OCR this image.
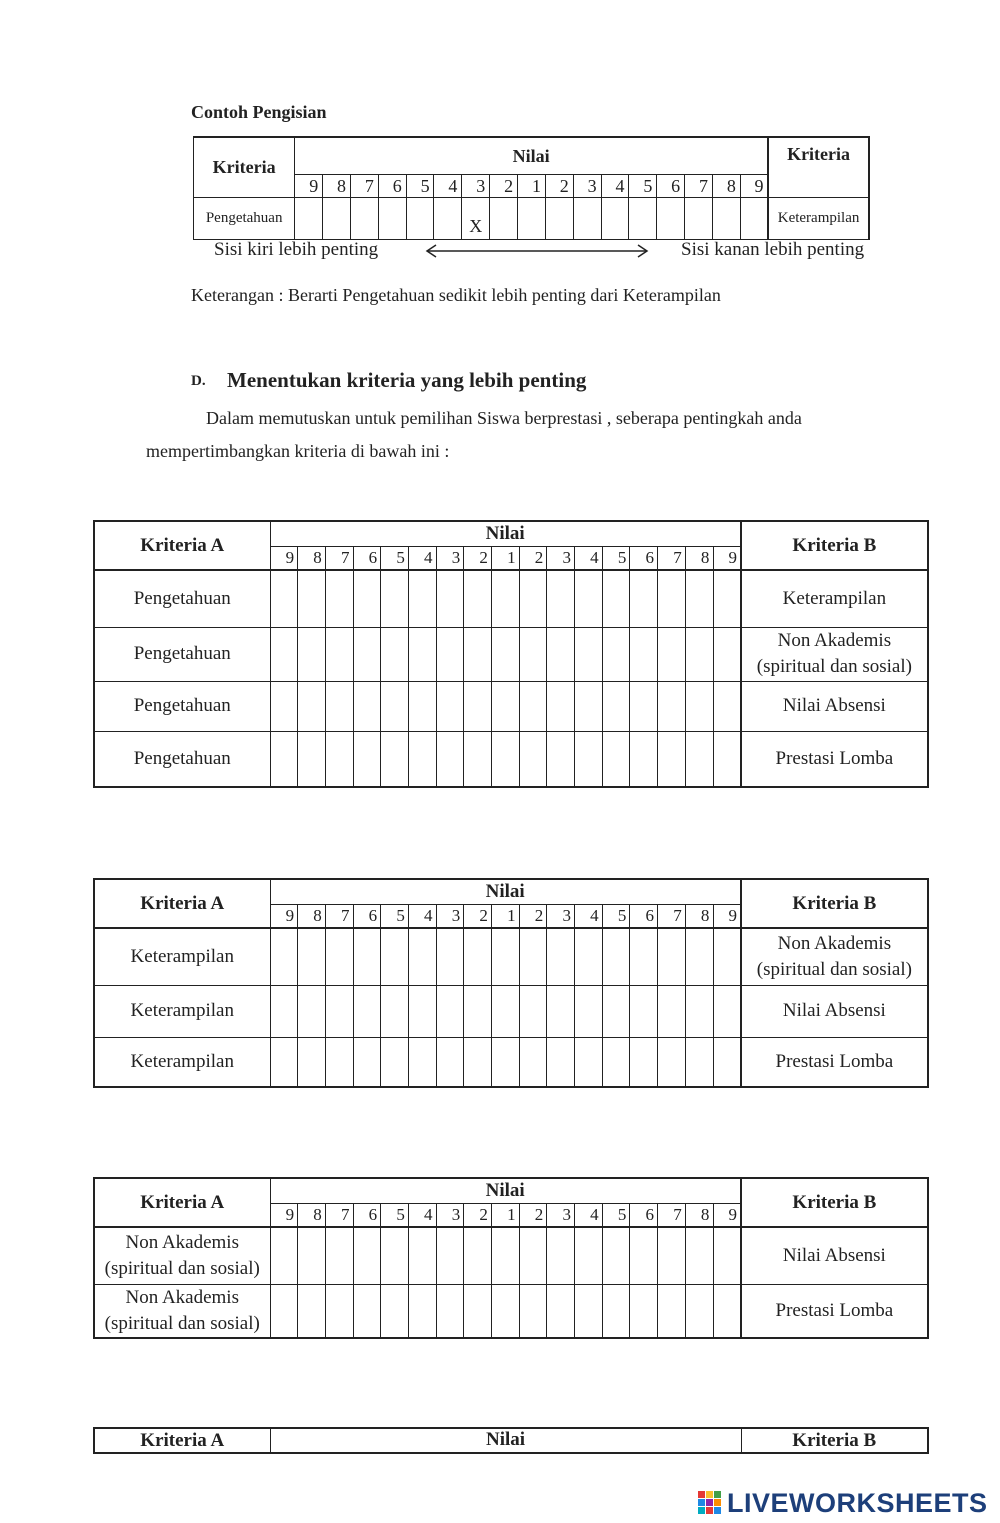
Contoh Pengisian
Kriteria	Nilai																	Kriteria
	9	8	7	6	5	4	3	2	1	2	3	4	5	6	7	8	9	
Pengetahuan							X											Keterampilan
Sisi kiri lebih penting	Sisi kanan lebih penting
Keterangan : Berarti Pengetahuan sedikit lebih penting dari Keterampilan
D. Menentukan kriteria yang lebih penting
Dalam memutuskan untuk pemilihan Siswa berprestasi , seberapa pentingkah anda
mempertimbangkan kriteria di bawah ini :
Kriteria A	Nilai																	Kriteria B
	9	8	7	6	5	4	3	2	1	2	3	4	5	6	7	8	9	

Pengetahuan																		Keterampilan

Pengetahuan																		Non Akademis
(spiritual dan sosial)

Pengetahuan																		Nilai Absensi

Pengetahuan																		Prestasi Lomba
Kriteria A	Nilai																	Kriteria B
	9	8	7	6	5	4	3	2	1	2	3	4	5	6	7	8	9	

Keterampilan																		Non Akademis
(spiritual dan sosial)

Keterampilan																		Nilai Absensi

Keterampilan																		Prestasi Lomba
Kriteria A	Nilai																	Kriteria B
	9	8	7	6	5	4	3	2	1	2	3	4	5	6	7	8	9	

Non Akademis
(spiritual dan sosial)																		Nilai Absensi

Non Akademis
(spiritual dan sosial)																		Prestasi Lomba
Kriteria A	Nilai	Kriteria B
LIVEWORKSHEETS
